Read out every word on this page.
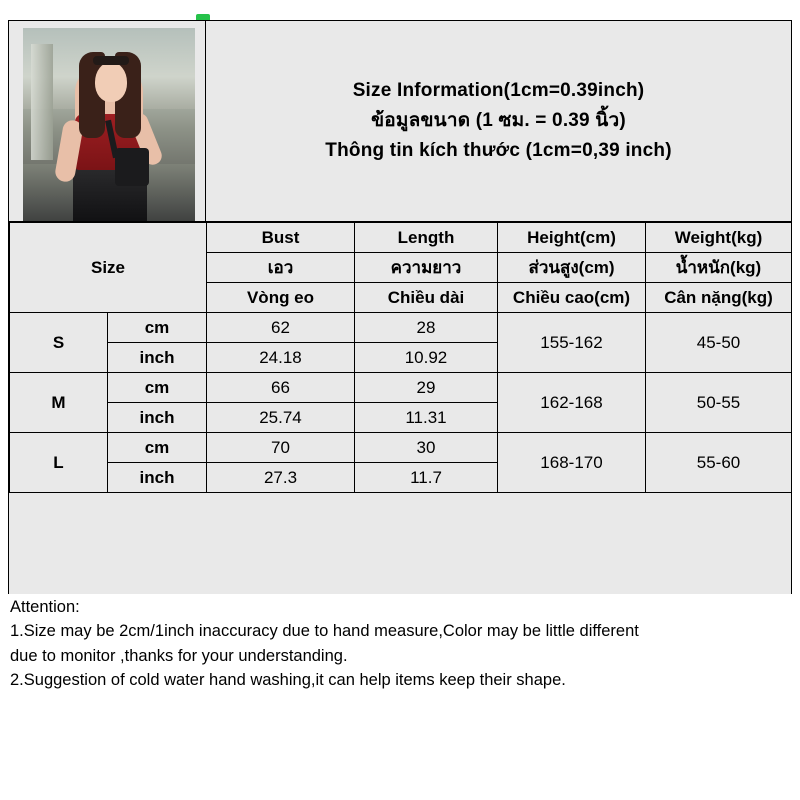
Size Information(1cm=0.39inch)
ข้อมูลขนาด (1 ซม. = 0.39 นิ้ว)
Thông tin kích thước (1cm=0,39 inch)
Size		Bust	Length	Height(cm)	Weight(kg)
		เอว	ความยาว	ส่วนสูง(cm)	น้ำหนัก(kg)
		Vòng eo	Chiều dài	Chiều cao(cm)	Cân nặng(kg)
S	cm	62	28	155-162	45-50
	inch	24.18	10.92		
M	cm	66	29	162-168	50-55
	inch	25.74	11.31		
L	cm	70	30	168-170	55-60
	inch	27.3	11.7		

Attention:

1.Size may be 2cm/1inch inaccuracy due to hand measure,Color may be little different

due to monitor ,thanks for your understanding.

2.Suggestion of cold water hand washing,it can help items keep their shape.
